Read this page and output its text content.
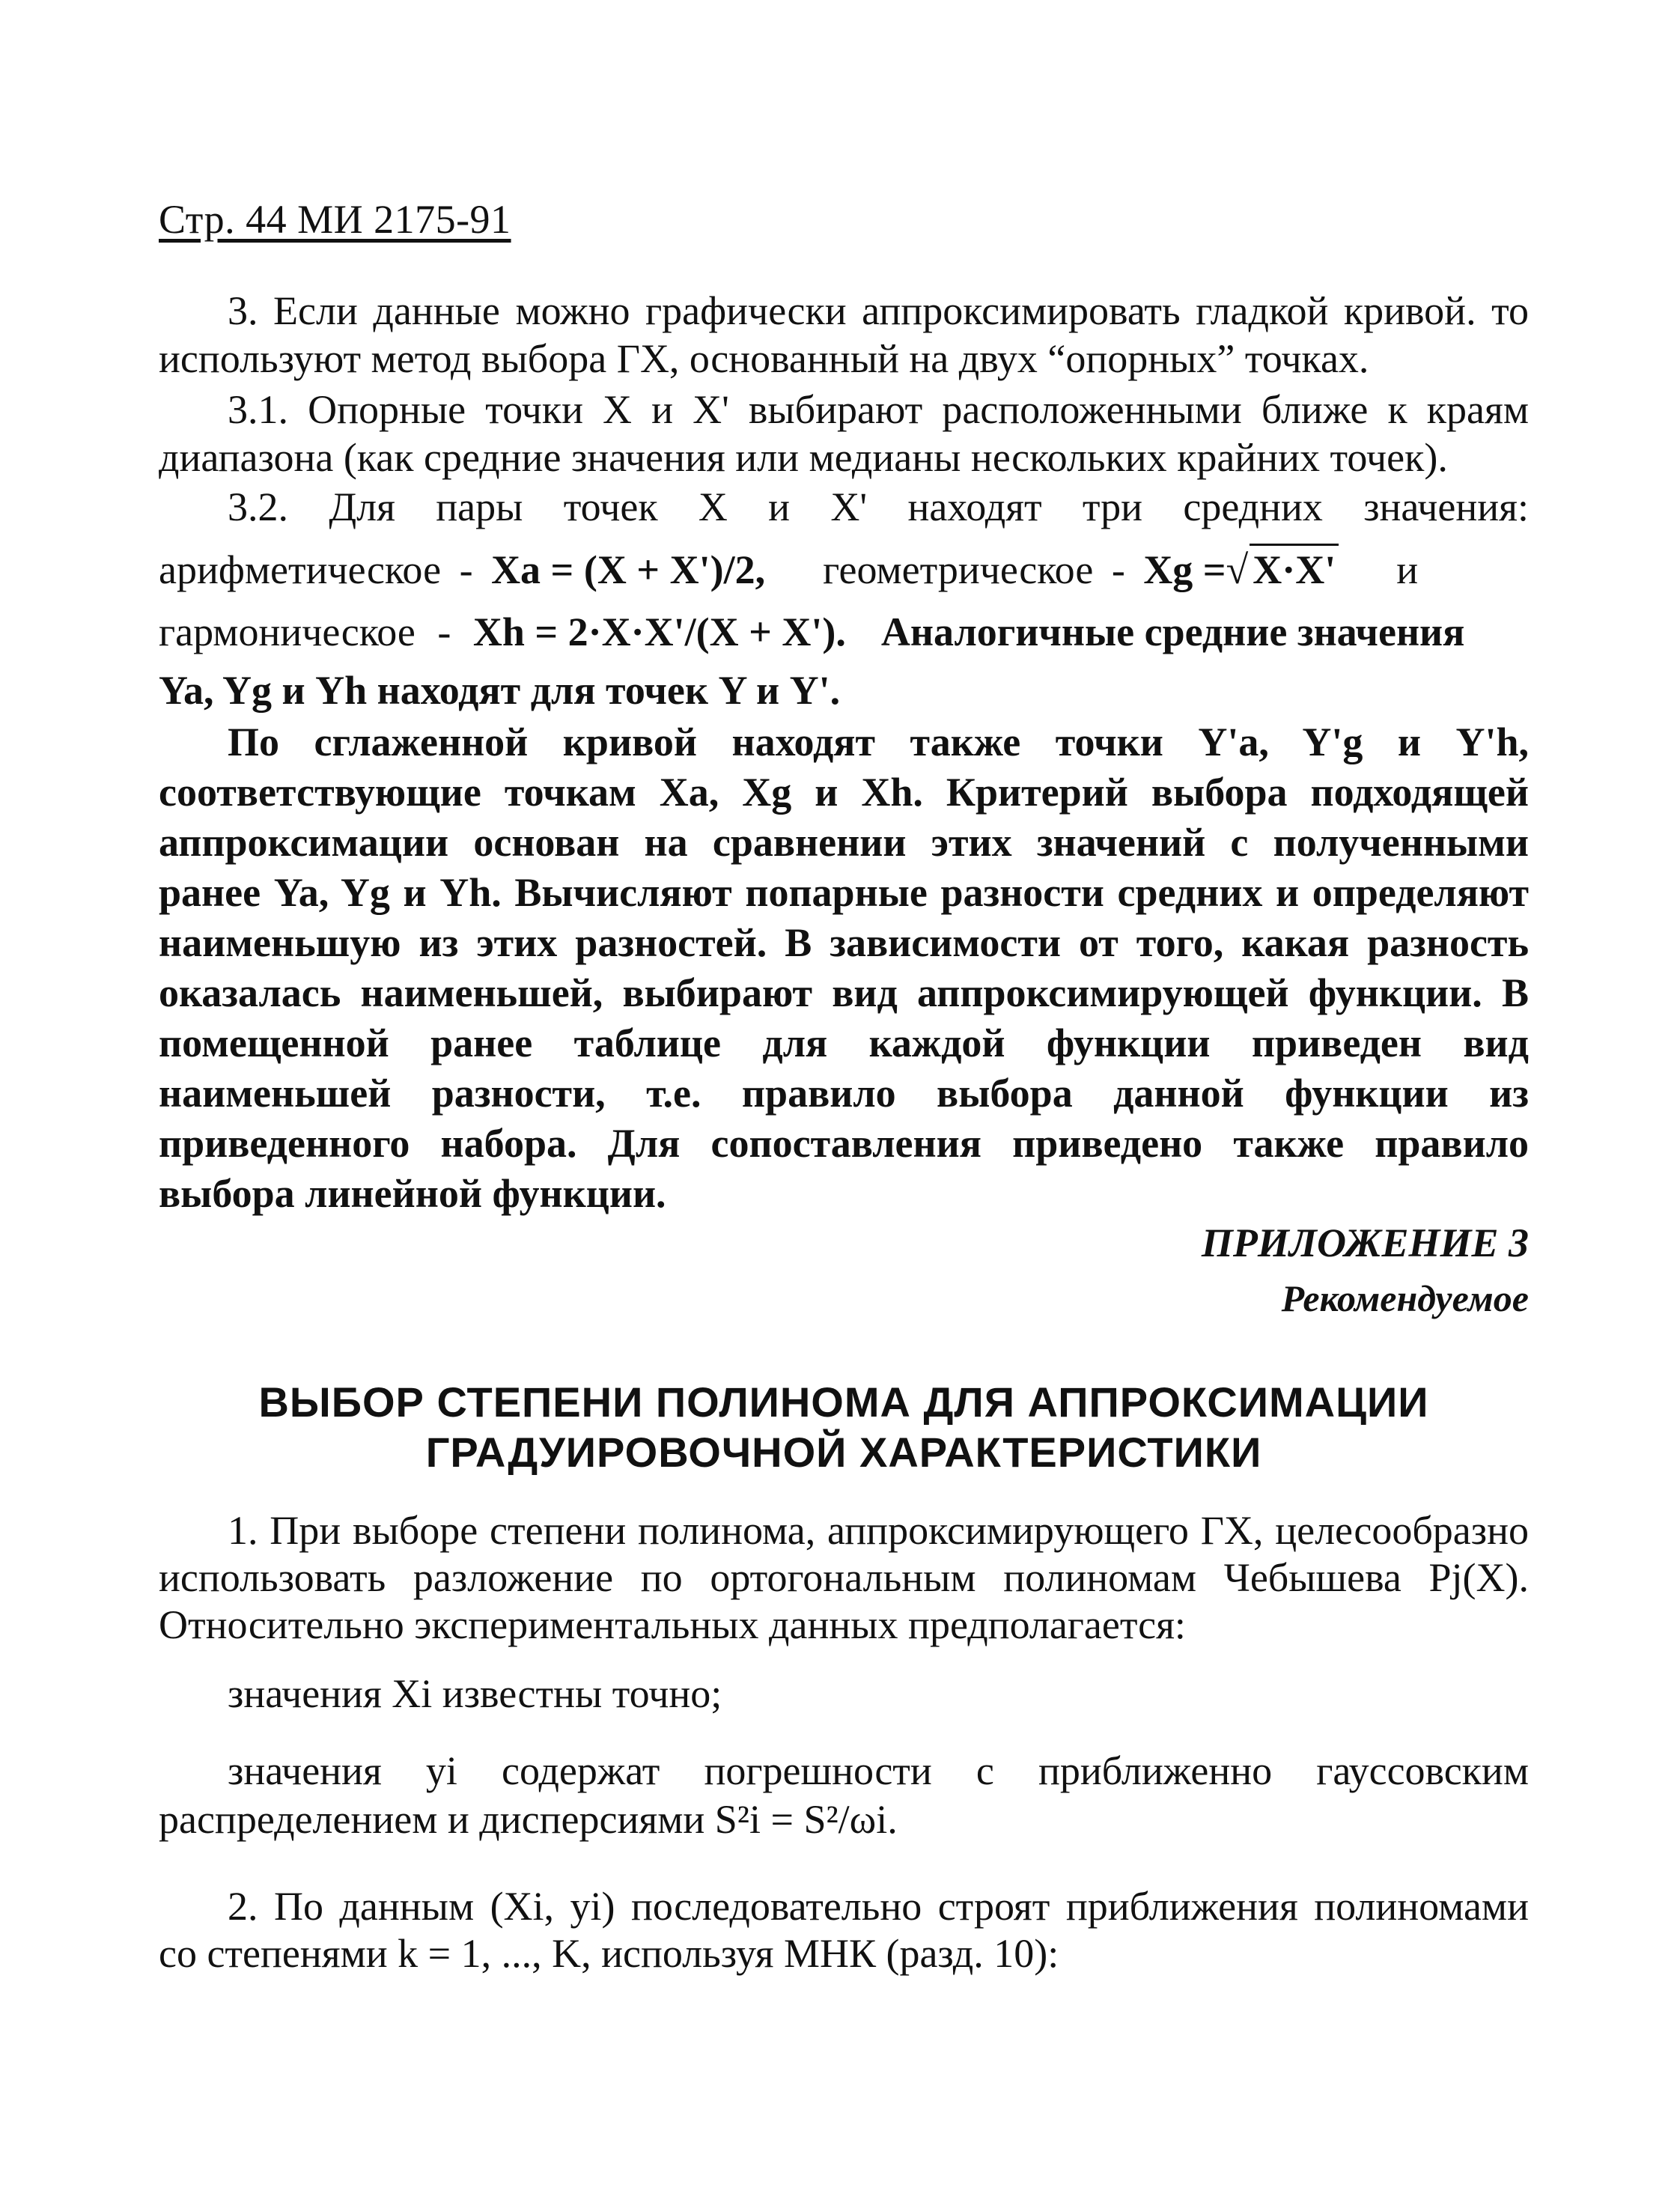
Стр. 44 МИ 2175-91
3. Если данные можно графически аппроксимировать гладкой кривой. то используют метод выбора ГХ, основанный на двух “опорных” точках.
3.1. Опорные точки X и X' выбирают расположенными ближе к краям диапазона (как средние значения или медианы нескольких крайних точек).
3.2. Для пары точек X и X' находят три средних значения:
арифметическое - Xa = (X + X')/2, геометрическое - Xg =√ X·X' и
гармоническое - Xh = 2·X·X'/(X + X'). Аналогичные средние значения
Ya, Yg и Yh находят для точек Y и Y'.
По сглаженной кривой находят также точки Y'a, Y'g и Y'h, соответствующие точкам Xa, Xg и Xh. Критерий выбора подходящей аппроксимации основан на сравнении этих значений с полученными ранее Ya, Yg и Yh. Вычисляют попарные разности средних и определяют наименьшую из этих разностей. В зависимости от того, какая разность оказалась наименьшей, выбирают вид аппроксимирующей функции. В помещенной ранее таблице для каждой функции приведен вид наименьшей разности, т.е. правило выбора данной функции из приведенного набора. Для сопоставления приведено также правило выбора линейной функции.
ПРИЛОЖЕНИЕ 3
Рекомендуемое
ВЫБОР СТЕПЕНИ ПОЛИНОМА ДЛЯ АППРОКСИМАЦИИ
ГРАДУИРОВОЧНОЙ ХАРАКТЕРИСТИКИ
1. При выборе степени полинома, аппроксимирующего ГХ, целесообразно использовать разложение по ортогональным полиномам Чебышева Pj(X). Относительно экспериментальных данных предполагается:
значения Xi известны точно;
значения yi содержат погрешности с приближенно гауссовским распределением и дисперсиями S²i = S²/ωi.
2. По данным (Xi, yi) последовательно строят приближения полиномами со степенями k = 1, ..., K, используя МНК (разд. 10):
